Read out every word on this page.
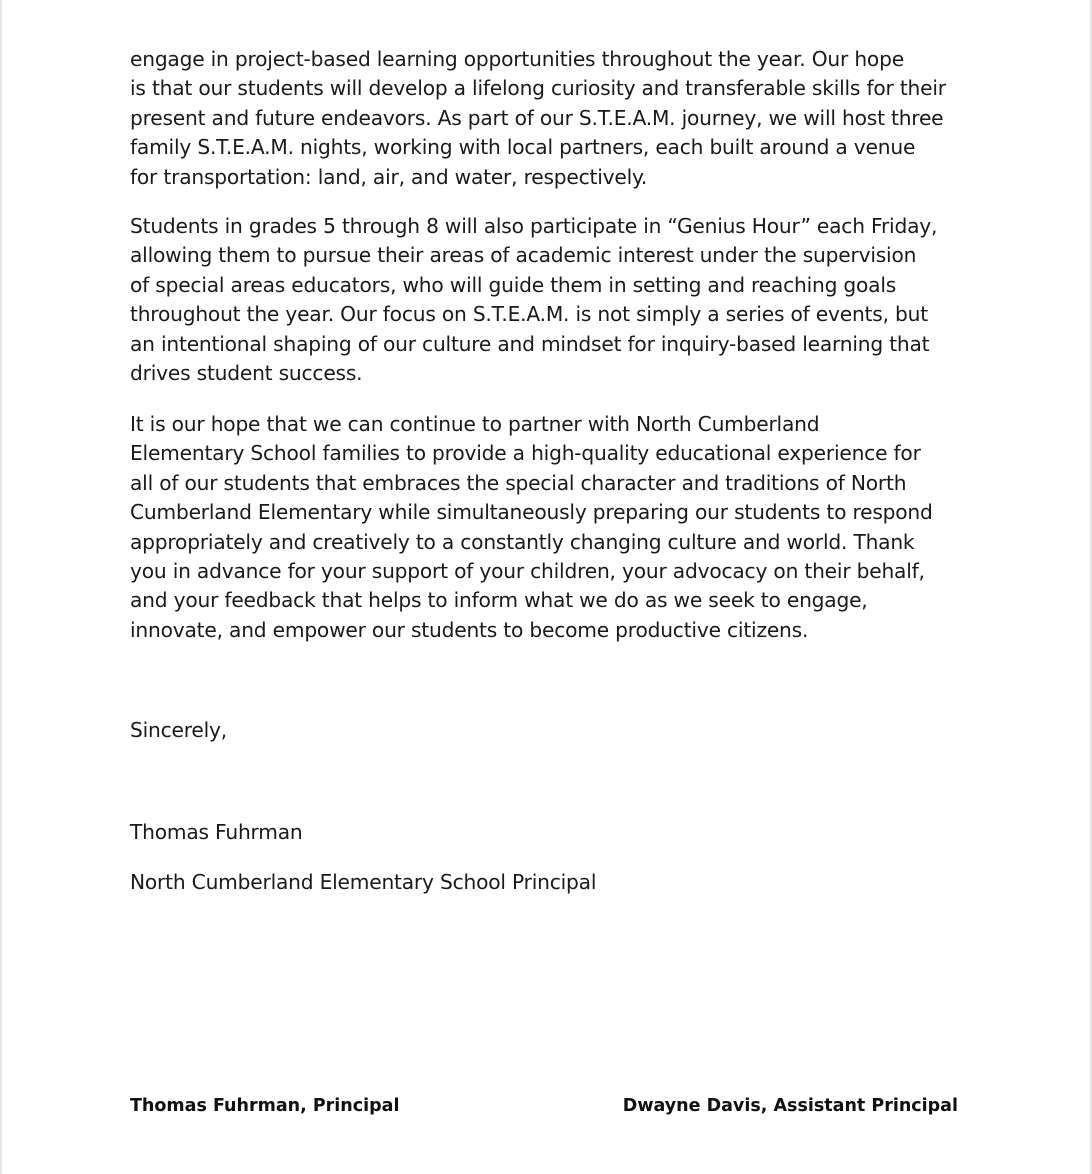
engage in project-based learning opportunities throughout the year. Our hope
is that our students will develop a lifelong curiosity and transferable skills for their
present and future endeavors. As part of our S.T.E.A.M. journey, we will host three
family S.T.E.A.M. nights, working with local partners, each built around a venue
for transportation: land, air, and water, respectively.

Students in grades 5 through 8 will also participate in “Genius Hour” each Friday,
allowing them to pursue their areas of academic interest under the supervision
of special areas educators, who will guide them in setting and reaching goals
throughout the year. Our focus on S.T.E.A.M. is not simply a series of events, but
an intentional shaping of our culture and mindset for inquiry-based learning that
drives student success.

It is our hope that we can continue to partner with North Cumberland
Elementary School families to provide a high-quality educational experience for
all of our students that embraces the special character and traditions of North
Cumberland Elementary while simultaneously preparing our students to respond
appropriately and creatively to a constantly changing culture and world. Thank
you in advance for your support of your children, your advocacy on their behalf,
and your feedback that helps to inform what we do as we seek to engage,
innovate, and empower our students to become productive citizens.

Sincerely,

Thomas Fuhrman

North Cumberland Elementary School Principal

Thomas Fuhrman, Principal	Dwayne Davis, Assistant Principal
